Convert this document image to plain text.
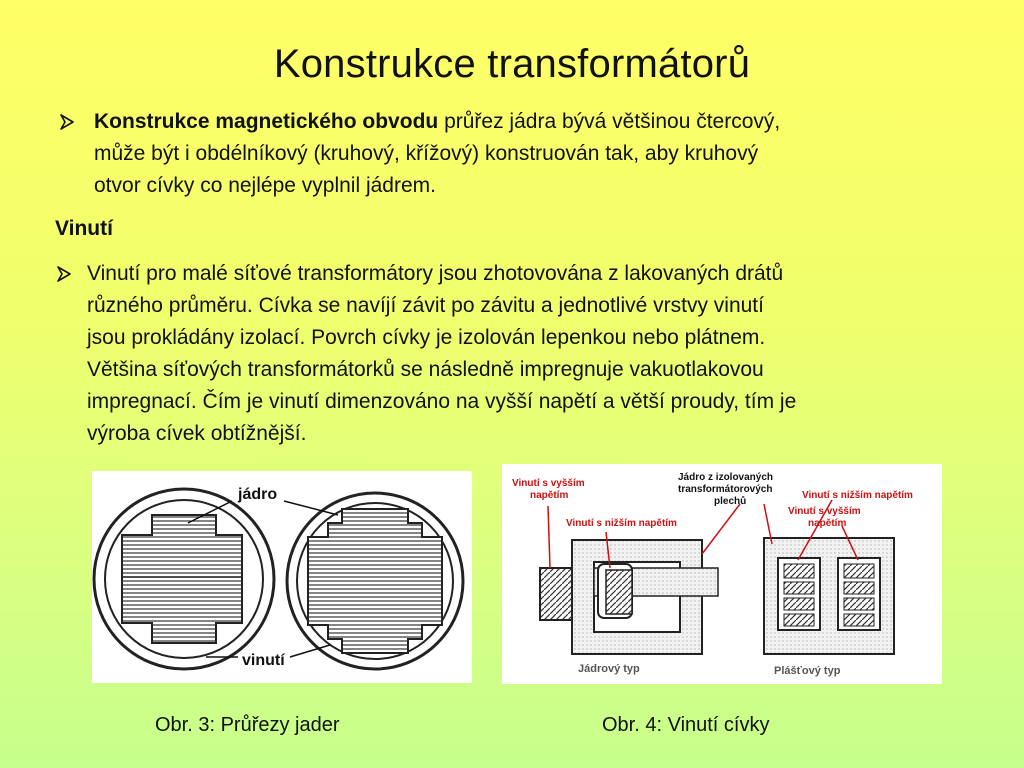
Konstrukce transformátorů
Konstrukce magnetického obvodu průřez jádra bývá většinou čtercový,
může být i obdélníkový (kruhový, křížový) konstruován tak, aby kruhový
otvor cívky co nejlépe vyplnil jádrem.
Vinutí
Vinutí pro malé síťové transformátory jsou zhotovována z lakovaných drátů
různého průměru. Cívka se navíjí závit po závitu a jednotlivé vrstvy vinutí
jsou prokládány izolací. Povrch cívky je izolován lepenkou nebo plátnem.
Většina síťových transformátorků se následně impregnuje vakuotlakovou
impregnací. Čím je vinutí dimenzováno na vyšší napětí a větší proudy, tím je
výroba cívek obtížnější.
jádro
vinutí
Vinutí s vyšším
napětím
Jádro z izolovaných
transformátorových
plechů
Vinutí s nižším napětím
Vinutí s nižším napětím
Vinutí s vyšším
napětím
Jádrový typ	Plášťový typ
Obr. 3: Průřezy jader	Obr. 4: Vinutí cívky
